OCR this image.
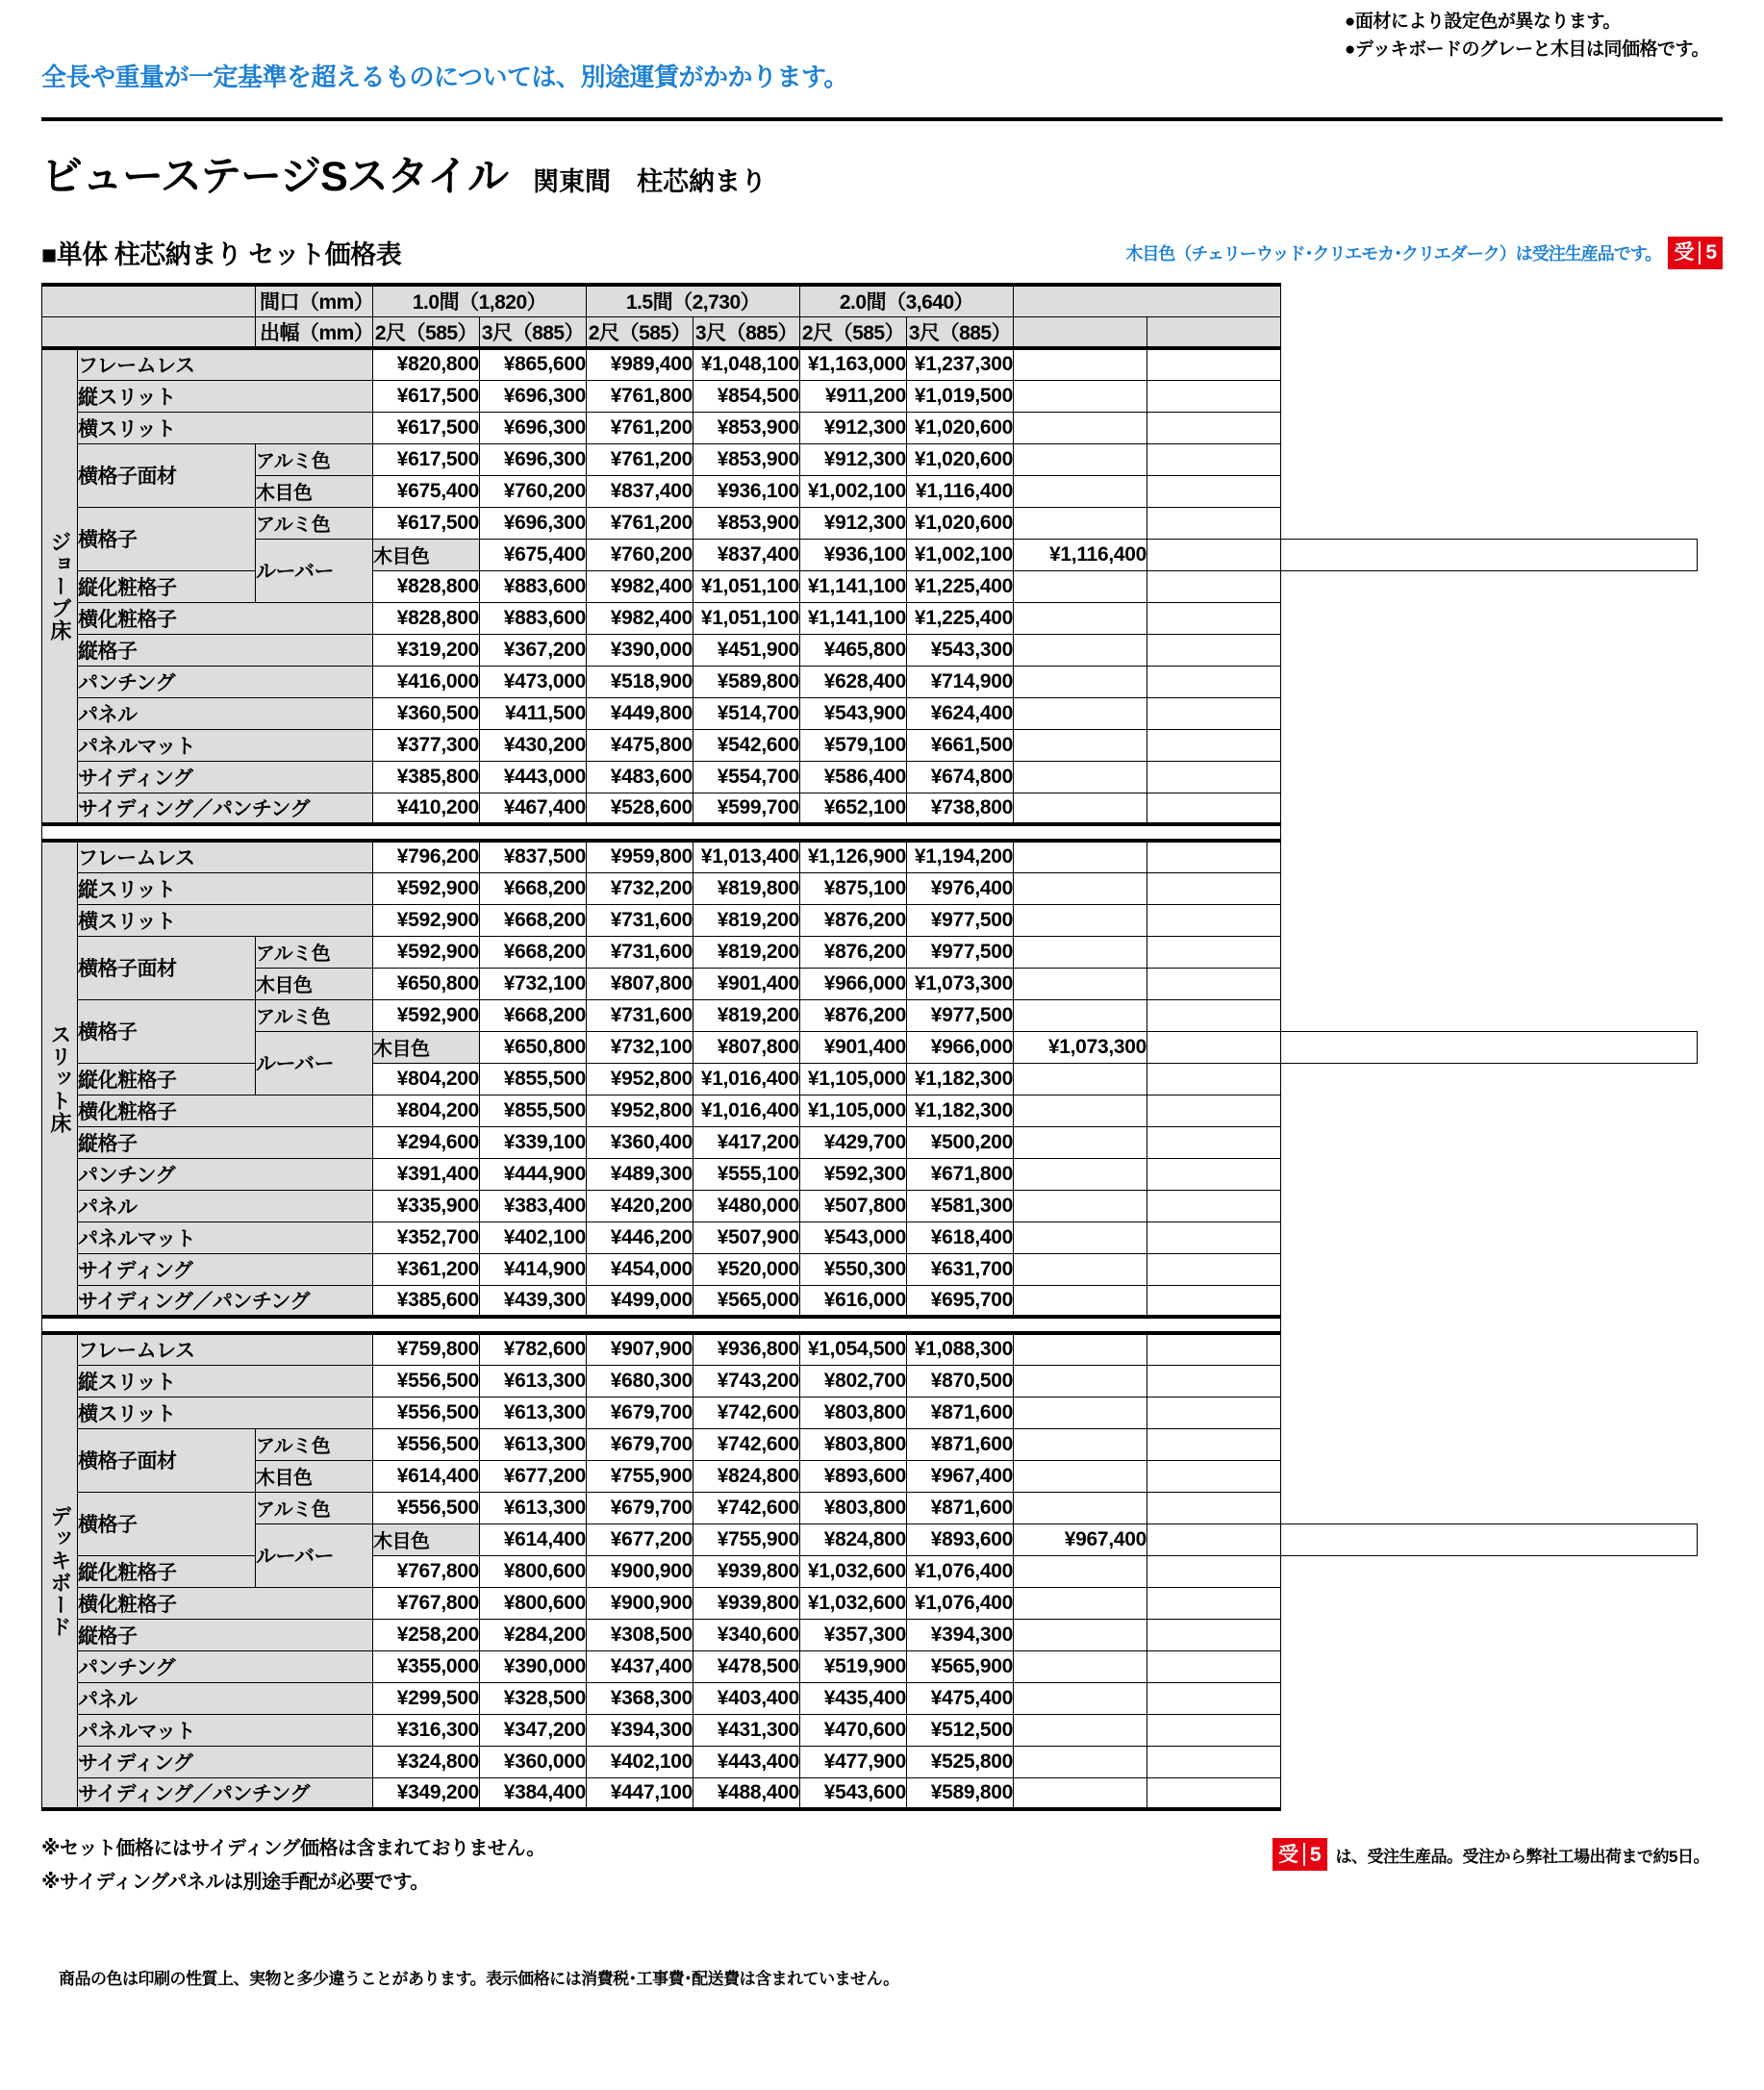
全長や重量が一定基準を超えるものについては、別途運賃がかかります。
●面材により設定色が異なります。
●デッキボードのグレーと木目は同価格です。
ビューステージSスタイル 関東間　柱芯納まり
■単体 柱芯納まり セット価格表	木目色（チェリーウッド･クリエモカ･クリエダーク）は受注生産品です。 受 5
		間口（mm）	1.0間（1,820）		1.5間（2,730）		2.0間（3,640）				
		出幅（mm）	2尺（585）	3尺（885）	2尺（585）	3尺（885）	2尺（585）	3尺（885）			
ジョーブ床	フレームレス		¥820,800	¥865,600	¥989,400	¥1,048,100	¥1,163,000	¥1,237,300			
	縦スリット		¥617,500	¥696,300	¥761,800	¥854,500	¥911,200	¥1,019,500			
	横スリット		¥617,500	¥696,300	¥761,200	¥853,900	¥912,300	¥1,020,600			
	横格子面材	アルミ色	¥617,500	¥696,300	¥761,200	¥853,900	¥912,300	¥1,020,600			
		木目色	¥675,400	¥760,200	¥837,400	¥936,100	¥1,002,100	¥1,116,400			
	横格子	アルミ色	¥617,500	¥696,300	¥761,200	¥853,900	¥912,300	¥1,020,600			
		ルーバー	木目色	¥675,400	¥760,200	¥837,400	¥936,100	¥1,002,100	¥1,116,400		
	縦化粧格子		¥828,800	¥883,600	¥982,400	¥1,051,100	¥1,141,100	¥1,225,400			
	横化粧格子		¥828,800	¥883,600	¥982,400	¥1,051,100	¥1,141,100	¥1,225,400			
	縦格子		¥319,200	¥367,200	¥390,000	¥451,900	¥465,800	¥543,300			
	パンチング		¥416,000	¥473,000	¥518,900	¥589,800	¥628,400	¥714,900			
	パネル		¥360,500	¥411,500	¥449,800	¥514,700	¥543,900	¥624,400			
	パネルマット		¥377,300	¥430,200	¥475,800	¥542,600	¥579,100	¥661,500			
	サイディング		¥385,800	¥443,000	¥483,600	¥554,700	¥586,400	¥674,800			
	サイディング／パンチング		¥410,200	¥467,400	¥528,600	¥599,700	¥652,100	¥738,800			

スリット床	フレームレス		¥796,200	¥837,500	¥959,800	¥1,013,400	¥1,126,900	¥1,194,200			
	縦スリット		¥592,900	¥668,200	¥732,200	¥819,800	¥875,100	¥976,400			
	横スリット		¥592,900	¥668,200	¥731,600	¥819,200	¥876,200	¥977,500			
	横格子面材	アルミ色	¥592,900	¥668,200	¥731,600	¥819,200	¥876,200	¥977,500			
		木目色	¥650,800	¥732,100	¥807,800	¥901,400	¥966,000	¥1,073,300			
	横格子	アルミ色	¥592,900	¥668,200	¥731,600	¥819,200	¥876,200	¥977,500			
		ルーバー	木目色	¥650,800	¥732,100	¥807,800	¥901,400	¥966,000	¥1,073,300		
	縦化粧格子		¥804,200	¥855,500	¥952,800	¥1,016,400	¥1,105,000	¥1,182,300			
	横化粧格子		¥804,200	¥855,500	¥952,800	¥1,016,400	¥1,105,000	¥1,182,300			
	縦格子		¥294,600	¥339,100	¥360,400	¥417,200	¥429,700	¥500,200			
	パンチング		¥391,400	¥444,900	¥489,300	¥555,100	¥592,300	¥671,800			
	パネル		¥335,900	¥383,400	¥420,200	¥480,000	¥507,800	¥581,300			
	パネルマット		¥352,700	¥402,100	¥446,200	¥507,900	¥543,000	¥618,400			
	サイディング		¥361,200	¥414,900	¥454,000	¥520,000	¥550,300	¥631,700			
	サイディング／パンチング		¥385,600	¥439,300	¥499,000	¥565,000	¥616,000	¥695,700			

デッキボード	フレームレス		¥759,800	¥782,600	¥907,900	¥936,800	¥1,054,500	¥1,088,300			
	縦スリット		¥556,500	¥613,300	¥680,300	¥743,200	¥802,700	¥870,500			
	横スリット		¥556,500	¥613,300	¥679,700	¥742,600	¥803,800	¥871,600			
	横格子面材	アルミ色	¥556,500	¥613,300	¥679,700	¥742,600	¥803,800	¥871,600			
		木目色	¥614,400	¥677,200	¥755,900	¥824,800	¥893,600	¥967,400			
	横格子	アルミ色	¥556,500	¥613,300	¥679,700	¥742,600	¥803,800	¥871,600			
		ルーバー	木目色	¥614,400	¥677,200	¥755,900	¥824,800	¥893,600	¥967,400		
	縦化粧格子		¥767,800	¥800,600	¥900,900	¥939,800	¥1,032,600	¥1,076,400			
	横化粧格子		¥767,800	¥800,600	¥900,900	¥939,800	¥1,032,600	¥1,076,400			
	縦格子		¥258,200	¥284,200	¥308,500	¥340,600	¥357,300	¥394,300			
	パンチング		¥355,000	¥390,000	¥437,400	¥478,500	¥519,900	¥565,900			
	パネル		¥299,500	¥328,500	¥368,300	¥403,400	¥435,400	¥475,400			
	パネルマット		¥316,300	¥347,200	¥394,300	¥431,300	¥470,600	¥512,500			
	サイディング		¥324,800	¥360,000	¥402,100	¥443,400	¥477,900	¥525,800			
	サイディング／パンチング		¥349,200	¥384,400	¥447,100	¥488,400	¥543,600	¥589,800			
※セット価格にはサイディング価格は含まれておりません。
※サイディングパネルは別途手配が必要です。
受 5 は、受注生産品。受注から弊社工場出荷まで約5日。
商品の色は印刷の性質上、実物と多少違うことがあります。表示価格には消費税･工事費･配送費は含まれていません。
